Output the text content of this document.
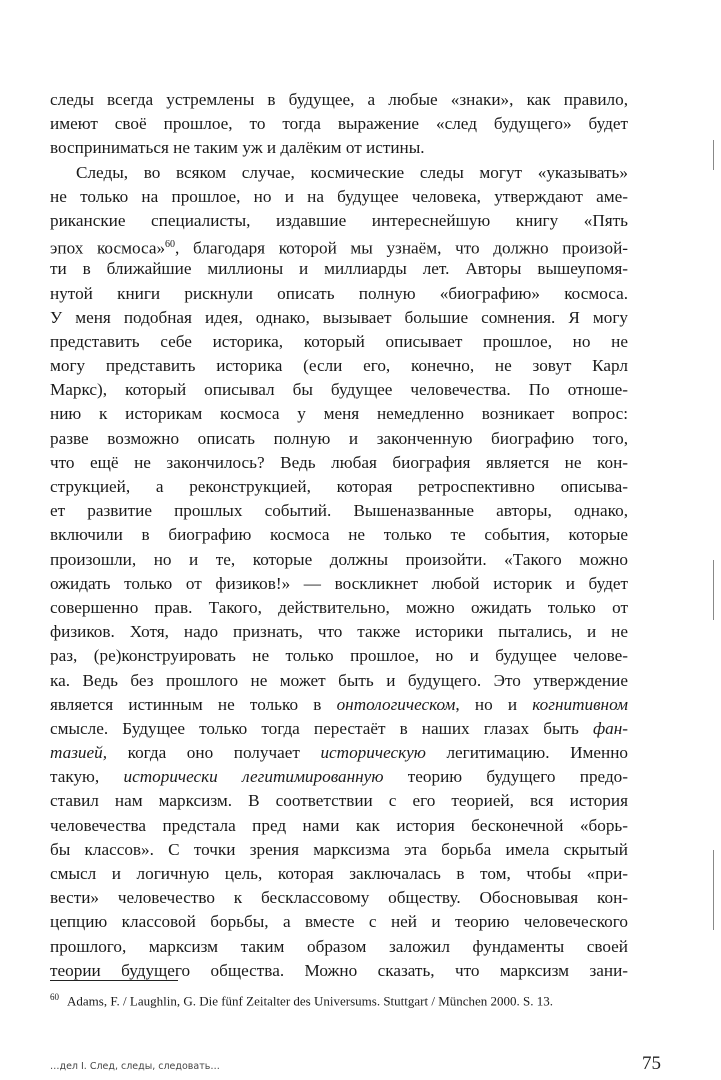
следы всегда устремлены в будущее, а любые «знаки», как правило,
имеют своё прошлое, то тогда выражение «след будущего» будет
восприниматься не таким уж и далёким от истины.
Следы, во всяком случае, космические следы могут «указывать»
не только на прошлое, но и на будущее человека, утверждают аме-
риканские специалисты, издавшие интереснейшую книгу «Пять
эпох космоса»$^{60}$, благодаря которой мы узнаём, что должно произой-
ти в ближайшие миллионы и миллиарды лет. Авторы вышеупомя-
нутой книги рискнули описать полную «биографию» космоса.
У меня подобная идея, однако, вызывает большие сомнения. Я могу
представить себе историка, который описывает прошлое, но не
могу представить историка (если его, конечно, не зовут Карл
Маркс), который описывал бы будущее человечества. По отноше-
нию к историкам космоса у меня немедленно возникает вопрос:
разве возможно описать полную и законченную биографию того,
что ещё не закончилось? Ведь любая биография является не кон-
струкцией, а реконструкцией, которая ретроспективно описыва-
ет развитие прошлых событий. Вышеназванные авторы, однако,
включили в биографию космоса не только те события, которые
произошли, но и те, которые должны произойти. «Такого можно
ожидать только от физиков!» — воскликнет любой историк и будет
совершенно прав. Такого, действительно, можно ожидать только от
физиков. Хотя, надо признать, что также историки пытались, и не
раз, (ре)конструировать не только прошлое, но и будущее челове-
ка. Ведь без прошлого не может быть и будущего. Это утверждение
является истинным не только в онтологическом, но и когнитивном
смысле. Будущее только тогда перестаёт в наших глазах быть фан-
тазией, когда оно получает историческую легитимацию. Именно
такую, исторически легитимированную теорию будущего предо-
ставил нам марксизм. В соответствии с его теорией, вся история
человечества предстала пред нами как история бесконечной «борь-
бы классов». С точки зрения марксизма эта борьба имела скрытый
смысл и логичную цель, которая заключалась в том, чтобы «при-
вести» человечество к бесклассовому обществу. Обосновывая кон-
цепцию классовой борьбы, а вместе с ней и теорию человеческого
прошлого, марксизм таким образом заложил фундаменты своей
теории будущего общества. Можно сказать, что марксизм зани-
$^{60}$ Adams, F. / Laughlin, G. Die fünf Zeitalter des Universums. Stuttgart / München 2000. S. 13.
…дел I. След, следы, следовать…	75
